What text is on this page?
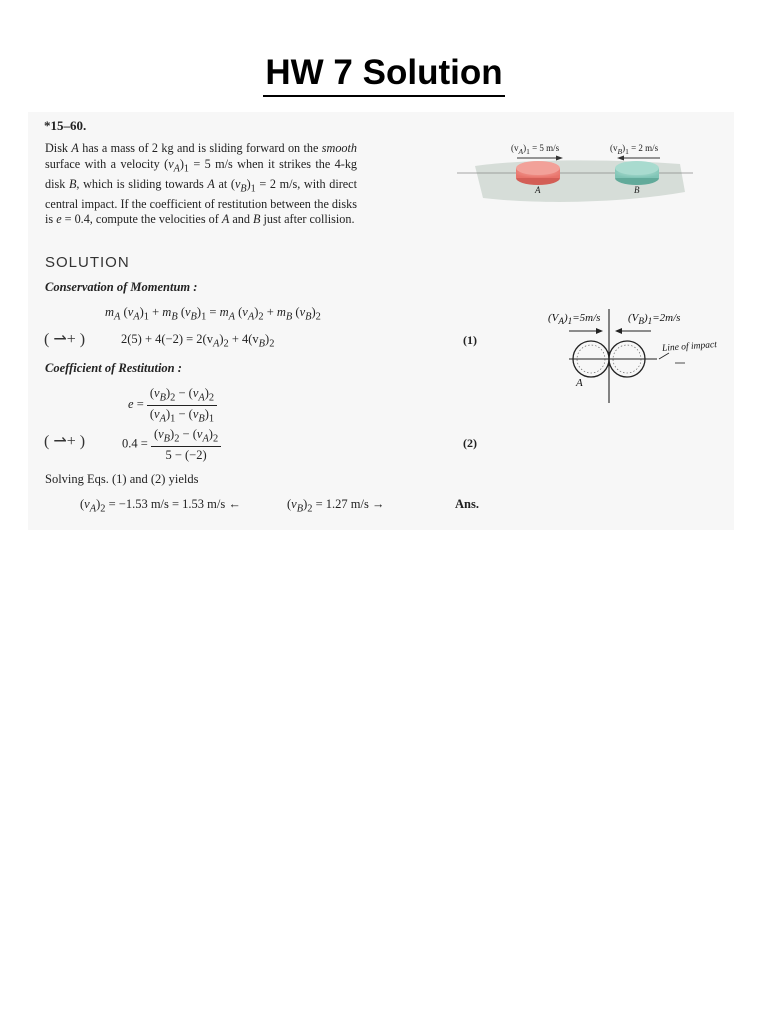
HW 7 Solution
*15–60.
Disk A has a mass of 2 kg and is sliding forward on the smooth surface with a velocity $(v_A)_1 = 5$ m/s when it strikes the 4-kg disk B, which is sliding towards A at $(v_B)_1 = 2$ m/s, with direct central impact. If the coefficient of restitution between the disks is e = 0.4, compute the velocities of A and B just after collision.
$(v_A)_1 = 5$ m/s	$(v_B)_1 = 2$ m/s
A	B
SOLUTION
Conservation of Momentum :
$m_A$ $(v_A)_1 + m_B$ $(v_B)_1 = m_A$ $(v_A)_2 + m_B$ $(v_B)_2$
( ⇀+ )	$2(5) + 4(-2) = 2(v_A)_2 + 4(v_B)_2$	(1)
Coefficient of Restitution :
$e = \frac{(v_B)_2 - (v_A)_2}{(v_A)_1 - (v_B)_1}$
( ⇀+ )	$0.4 = \frac{(v_B)_2 - (v_A)_2}{5 - (-2)}$	(2)
Solving Eqs. (1) and (2) yields
$(v_A)_2 = -1.53$ m/s = 1.53 m/s ←	$(v_B)_2 = 1.27$ m/s →	Ans.
$(V_A)_1=5m/s$	$(V_B)_1=2m/s$
Line of impact
A
